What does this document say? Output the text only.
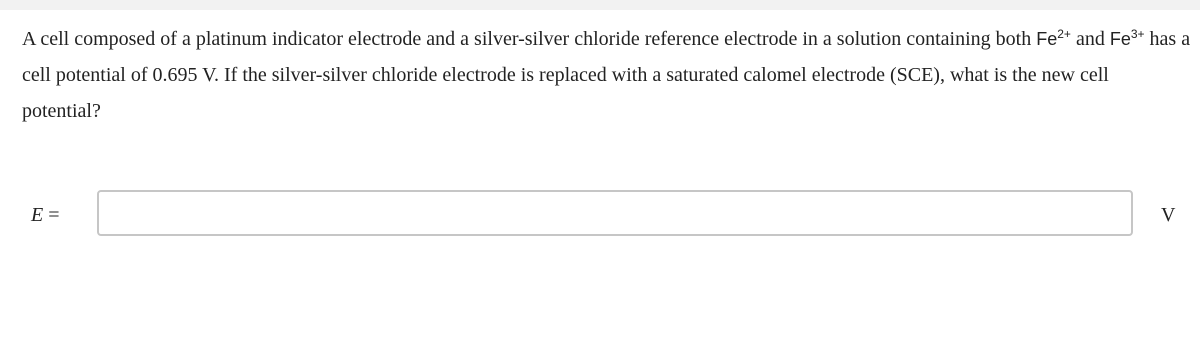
A cell composed of a platinum indicator electrode and a silver-silver chloride reference electrode in a solution containing both $Fe^{2+}$ and $Fe^{3+}$ has a cell potential of 0.695 V. If the silver-silver chloride electrode is replaced with a saturated calomel electrode (SCE), what is the new cell potential?

E =	V
